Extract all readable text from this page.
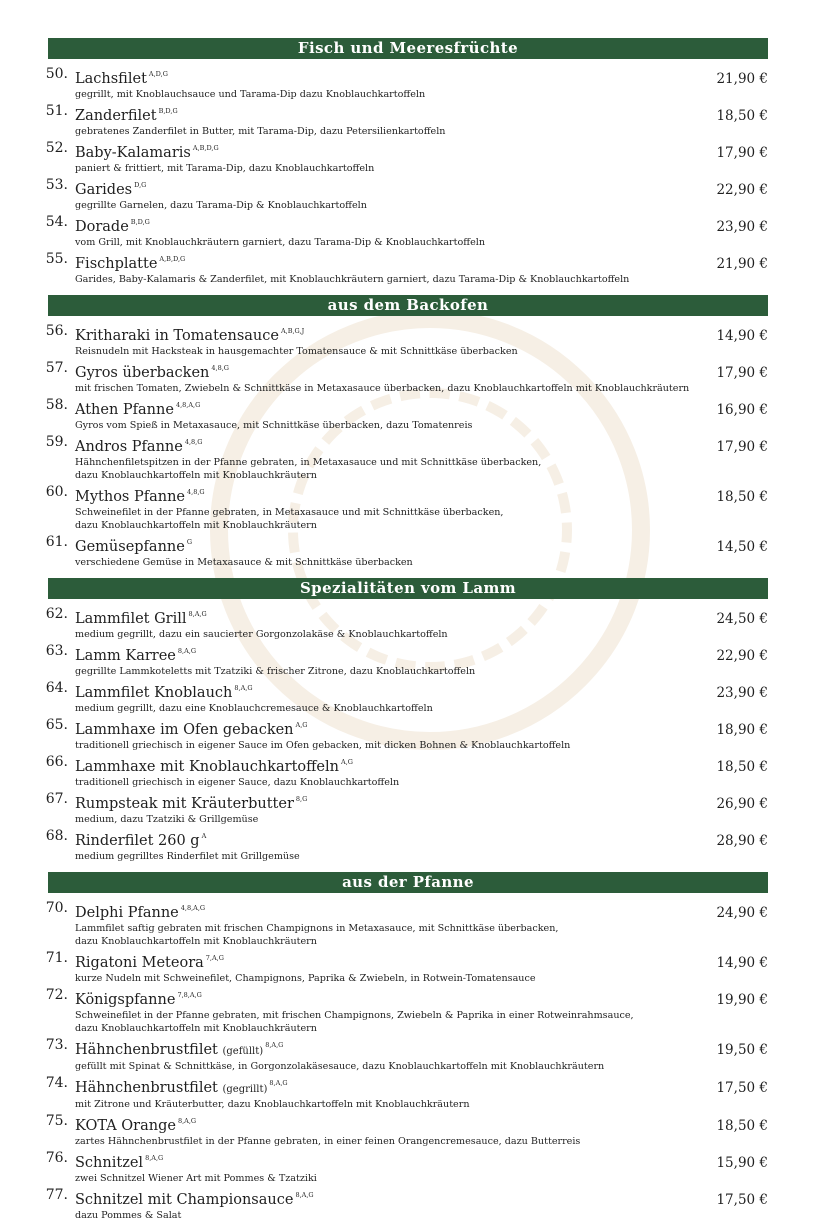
Fisch und Meeresfrüchte
50. Lachsfilet $^{A,D,G}$	21,90 €
gegrillt, mit Knoblauchsauce und Tarama-Dip dazu Knoblauchkartoffeln
51. Zanderfilet $^{B,D,G}$	18,50 €
gebratenes Zanderfilet in Butter, mit Tarama-Dip, dazu Petersilienkartoffeln
52. Baby-Kalamaris $^{A,B,D,G}$	17,90 €
paniert & frittiert, mit Tarama-Dip, dazu Knoblauchkartoffeln
53. Garides $^{D,G}$	22,90 €
gegrillte Garnelen, dazu Tarama-Dip & Knoblauchkartoffeln
54. Dorade $^{B,D,G}$	23,90 €
vom Grill, mit Knoblauchkräutern garniert, dazu Tarama-Dip & Knoblauchkartoffeln
55. Fischplatte $^{A,B,D,G}$	21,90 €
Garides, Baby-Kalamaris & Zanderfilet, mit Knoblauchkräutern garniert, dazu Tarama-Dip & Knoblauchkartoffeln
aus dem Backofen
56. Kritharaki in Tomatensauce $^{A,B,G,J}$	14,90 €
Reisnudeln mit Hacksteak in hausgemachter Tomatensauce & mit Schnittkäse überbacken
57. Gyros überbacken $^{4,8,G}$	17,90 €
mit frischen Tomaten, Zwiebeln & Schnittkäse in Metaxasauce überbacken, dazu Knoblauchkartoffeln mit Knoblauchkräutern
58. Athen Pfanne $^{4,8,A,G}$	16,90 €
Gyros vom Spieß in Metaxasauce, mit Schnittkäse überbacken, dazu Tomatenreis
59. Andros Pfanne $^{4,8,G}$	17,90 €
Hähnchenfiletspitzen in der Pfanne gebraten, in Metaxasauce und mit Schnittkäse überbacken,
dazu Knoblauchkartoffeln mit Knoblauchkräutern
60. Mythos Pfanne $^{4,8,G}$	18,50 €
Schweinefilet in der Pfanne gebraten, in Metaxasauce und mit Schnittkäse überbacken,
dazu Knoblauchkartoffeln mit Knoblauchkräutern
61. Gemüsepfanne $^G$	14,50 €
verschiedene Gemüse in Metaxasauce & mit Schnittkäse überbacken
Spezialitäten vom Lamm
62. Lammfilet Grill $^{8,A,G}$	24,50 €
medium gegrillt, dazu ein saucierter Gorgonzolakäse & Knoblauchkartoffeln
63. Lamm Karree $^{8,A,G}$	22,90 €
gegrillte Lammkoteletts mit Tzatziki & frischer Zitrone, dazu Knoblauchkartoffeln
64. Lammfilet Knoblauch $^{8,A,G}$	23,90 €
medium gegrillt, dazu eine Knoblauchcremesauce & Knoblauchkartoffeln
65. Lammhaxe im Ofen gebacken $^{A,G}$	18,90 €
traditionell griechisch in eigener Sauce im Ofen gebacken, mit dicken Bohnen & Knoblauchkartoffeln
66. Lammhaxe mit Knoblauchkartoffeln $^{A,G}$	18,50 €
traditionell griechisch in eigener Sauce, dazu Knoblauchkartoffeln
67. Rumpsteak mit Kräuterbutter $^{8,G}$	26,90 €
medium, dazu Tzatziki & Grillgemüse
68. Rinderfilet 260 g $^A$	28,90 €
medium gegrilltes Rinderfilet mit Grillgemüse
aus der Pfanne
70. Delphi Pfanne $^{4,8,A,G}$	24,90 €
Lammfilet saftig gebraten mit frischen Champignons in Metaxasauce, mit Schnittkäse überbacken,
dazu Knoblauchkartoffeln mit Knoblauchkräutern
71. Rigatoni Meteora $^{7,A,G}$	14,90 €
kurze Nudeln mit Schweinefilet, Champignons, Paprika & Zwiebeln, in Rotwein-Tomatensauce
72. Königspfanne $^{7,8,A,G}$	19,90 €
Schweinefilet in der Pfanne gebraten, mit frischen Champignons, Zwiebeln & Paprika in einer Rotweinrahmsauce,
dazu Knoblauchkartoffeln mit Knoblauchkräutern
73. Hähnchenbrustfilet (gefüllt)$^{8,A,G}$	19,50 €
gefüllt mit Spinat & Schnittkäse, in Gorgonzolakäsesauce, dazu Knoblauchkartoffeln mit Knoblauchkräutern
74. Hähnchenbrustfilet (gegrillt)$^{8,A,G}$	17,50 €
mit Zitrone und Kräuterbutter, dazu Knoblauchkartoffeln mit Knoblauchkräutern
75. KOTA Orange $^{8,A,G}$	18,50 €
zartes Hähnchenbrustfilet in der Pfanne gebraten, in einer feinen Orangencremesauce, dazu Butterreis
76. Schnitzel $^{8,A,G}$	15,90 €
zwei Schnitzel Wiener Art mit Pommes & Tzatziki
77. Schnitzel mit Championsauce $^{8,A,G}$	17,50 €
dazu Pommes & Salat
